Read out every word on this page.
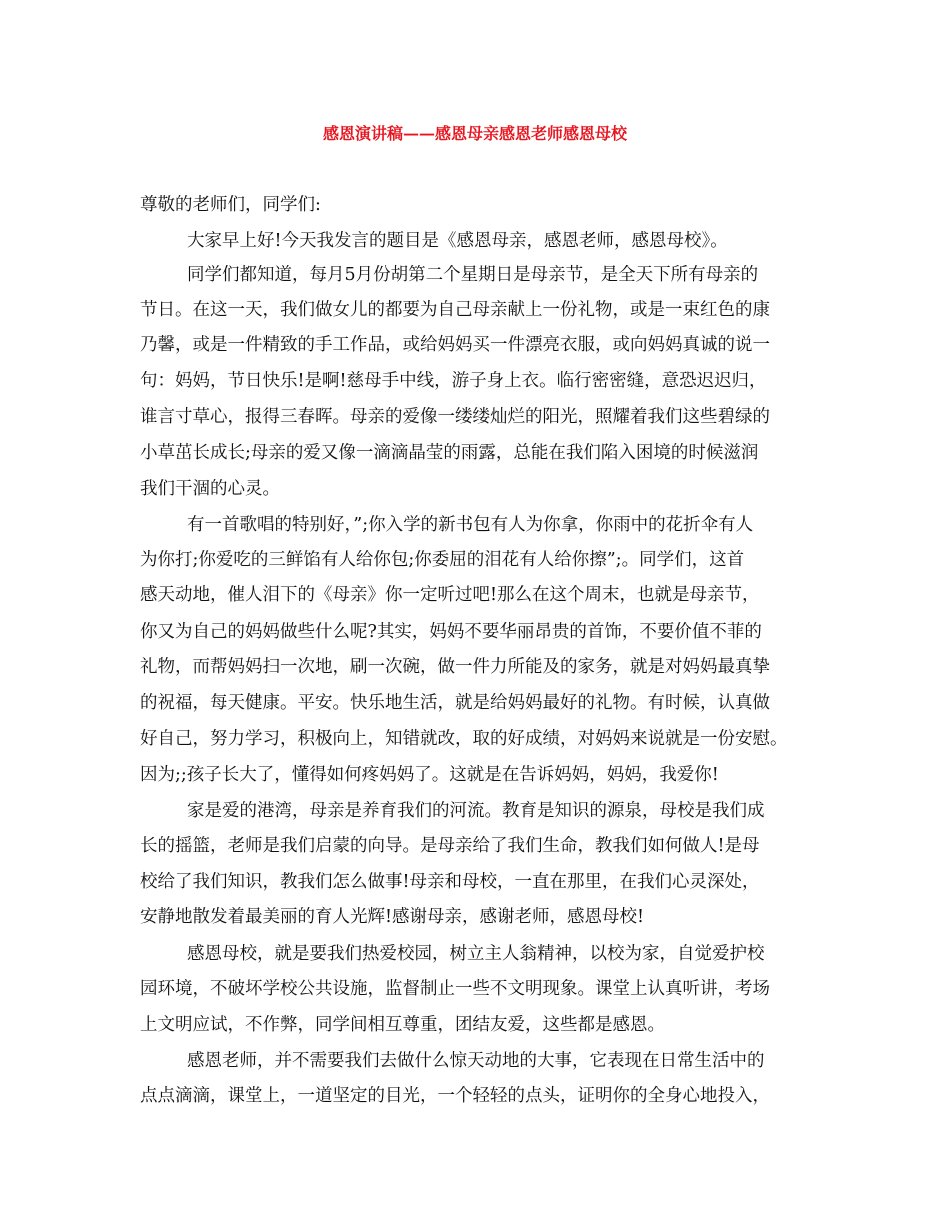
感恩演讲稿——感恩母亲感恩老师感恩母校
尊敬的老师们，同学们:
大家早上好!今天我发言的题目是《感恩母亲，感恩老师，感恩母校》。
同学们都知道，每月5月份胡第二个星期日是母亲节，是全天下所有母亲的
节日。在这一天，我们做女儿的都要为自己母亲献上一份礼物，或是一束红色的康
乃馨，或是一件精致的手工作品，或给妈妈买一件漂亮衣服，或向妈妈真诚的说一
句：妈妈，节日快乐!是啊!慈母手中线，游子身上衣。临行密密缝，意恐迟迟归，
谁言寸草心，报得三春晖。母亲的爱像一缕缕灿烂的阳光，照耀着我们这些碧绿的
小草茁长成长;母亲的爱又像一滴滴晶莹的雨露，总能在我们陷入困境的时候滋润
我们干涸的心灵。
有一首歌唱的特别好，”;你入学的新书包有人为你拿，你雨中的花折伞有人
为你打;你爱吃的三鲜馅有人给你包;你委屈的泪花有人给你擦”;。同学们，这首
感天动地，催人泪下的《母亲》你一定听过吧!那么在这个周末，也就是母亲节，
你又为自己的妈妈做些什么呢?其实，妈妈不要华丽昂贵的首饰，不要价值不菲的
礼物，而帮妈妈扫一次地，刷一次碗，做一件力所能及的家务，就是对妈妈最真挚
的祝福，每天健康。平安。快乐地生活，就是给妈妈最好的礼物。有时候，认真做
好自己，努力学习，积极向上，知错就改，取的好成绩，对妈妈来说就是一份安慰。
因为;;孩子长大了，懂得如何疼妈妈了。这就是在告诉妈妈，妈妈，我爱你!
家是爱的港湾，母亲是养育我们的河流。教育是知识的源泉，母校是我们成
长的摇篮，老师是我们启蒙的向导。是母亲给了我们生命，教我们如何做人!是母
校给了我们知识，教我们怎么做事!母亲和母校，一直在那里，在我们心灵深处，
安静地散发着最美丽的育人光辉!感谢母亲，感谢老师，感恩母校!
感恩母校，就是要我们热爱校园，树立主人翁精神，以校为家，自觉爱护校
园环境，不破坏学校公共设施，监督制止一些不文明现象。课堂上认真听讲，考场
上文明应试，不作弊，同学间相互尊重，团结友爱，这些都是感恩。
感恩老师，并不需要我们去做什么惊天动地的大事，它表现在日常生活中的
点点滴滴，课堂上，一道坚定的目光，一个轻轻的点头，证明你的全身心地投入，
